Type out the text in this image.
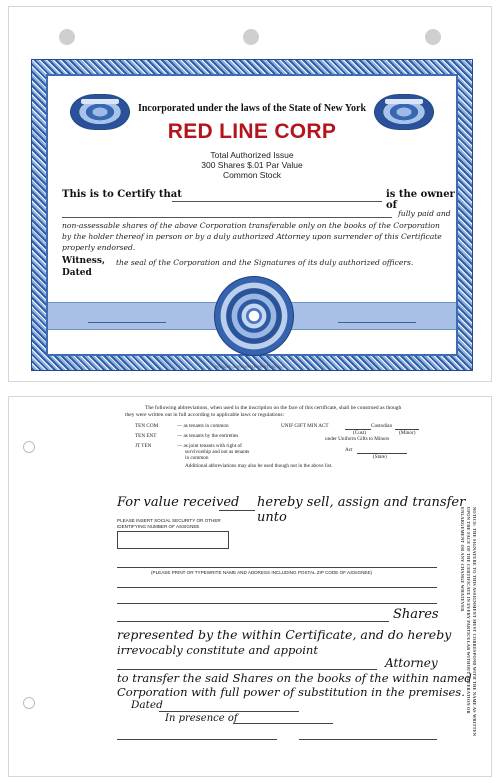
Incorporated under the laws of the State of New York
RED LINE CORP
Total Authorized Issue
300 Shares $.01 Par Value
Common Stock
This is to Certify that	is the owner of
fully paid and
non-assessable shares of the above Corporation transferable only on the books of the Corporation
by the holder thereof in person or by a duly authorized Attorney upon surrender of this Certificate
properly endorsed.
Witness, the seal of the Corporation and the Signatures of its duly authorized officers.
Dated
PRECISE CORPORATE PRINTING, N.Y.
The following abbreviations, when used in the inscription on the face of this certificate, shall be construed as though
they were written out in full according to applicable laws or regulations:
TEN COM	— as tenants in common
TEN ENT	— as tenants by the entireties
JT TEN	— as joint tenants with right of
survivorship and not as tenants
in common
UNIF GIFT MIN ACT	Custodian
(Cust)	(Minor)
under Uniform Gifts to Minors
Act
(State)
Additional abbreviations may also be used though not in the above list.
For value received hereby sell, assign and transfer unto
PLEASE INSERT SOCIAL SECURITY OR OTHER
IDENTIFYING NUMBER OF ASSIGNEE
(PLEASE PRINT OR TYPEWRITE NAME AND ADDRESS INCLUDING POSTAL ZIP CODE OF ASSIGNEE)
Shares
represented by the within Certificate, and do hereby
irrevocably constitute and appoint
Attorney
to transfer the said Shares on the books of the within named
Corporation with full power of substitution in the premises.
Dated
In presence of	NOTICE: THE SIGNATURE TO THIS ASSIGNMENT MUST CORRESPOND WITH THE NAME AS WRITTEN UPON THE FACE OF THE CERTIFICATE IN EVERY PARTICULAR WITHOUT ALTERATION OR ENLARGEMENT OR ANY CHANGE WHATEVER
